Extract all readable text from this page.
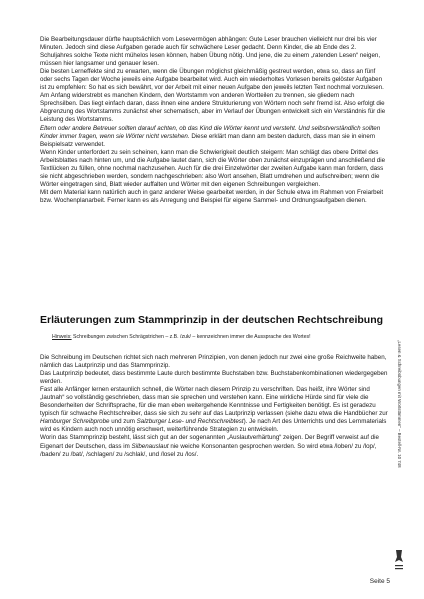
Die Bearbeitungsdauer dürfte hauptsächlich vom Lesevermögen abhängen: Gute Leser brauchen vielleicht nur drei bis vier Minuten. Jedoch sind diese Aufgaben gerade auch für schwächere Leser gedacht. Denn Kinder, die ab Ende des 2. Schuljahres solche Texte nicht mühelos lesen können, haben Übung nötig. Und jene, die zu einem „ratenden Lesen“ neigen, müssen hier langsamer und genauer lesen.

Die besten Lerneffekte sind zu erwarten, wenn die Übungen möglichst gleichmäßig gestreut werden, etwa so, dass an fünf oder sechs Tagen der Woche jeweils eine Aufgabe bearbeitet wird. Auch ein wiederholtes Vorlesen bereits gelöster Aufgaben ist zu empfehlen: So hat es sich bewährt, vor der Arbeit mit einer neuen Aufgabe den jeweils letzten Text nochmal vorzulesen.

Am Anfang widerstrebt es manchen Kindern, den Wortstamm von anderen Wortteilen zu trennen, sie gliedern nach Sprechsilben. Das liegt einfach daran, dass ihnen eine andere Strukturierung von Wörtern noch sehr fremd ist. Also erfolgt die Abgrenzung des Wortstamms zunächst eher schematisch, aber im Verlauf der Übungen entwickelt sich ein Verständnis für die Leistung des Wortstamms.

Eltern oder andere Betreuer sollten darauf achten, ob das Kind die Wörter kennt und versteht. Und selbstverständlich sollten Kinder immer fragen, wenn sie Wörter nicht verstehen. Diese erklärt man dann am besten dadurch, dass man sie in einem Beispielsatz verwendet.

Wenn Kinder unterfordert zu sein scheinen, kann man die Schwierigkeit deutlich steigern: Man schlägt das obere Drittel des Arbeitsblattes nach hinten um, und die Aufgabe lautet dann, sich die Wörter oben zunächst einzuprägen und anschließend die Textlücken zu füllen, ohne nochmal nachzusehen. Auch für die drei Einzelwörter der zweiten Aufgabe kann man fordern, dass sie nicht abgeschrieben werden, sondern nachgeschrieben: also Wort ansehen, Blatt umdrehen und aufschreiben; wenn die Wörter eingetragen sind, Blatt wieder auffalten und Wörter mit den eigenen Schreibungen vergleichen.

Mit dem Material kann natürlich auch in ganz anderer Weise gearbeitet werden, in der Schule etwa im Rahmen von Freiarbeit bzw. Wochenplanarbeit. Ferner kann es als Anregung und Beispiel für eigene Sammel- und Ordnungsaufgaben dienen.

Erläuterungen zum Stammprinzip in der deutschen Rechtschreibung
Hinweis: Schreibungen zwischen Schrägstrichen – z.B. /zuk/ – kennzeichnen immer die Aussprache des Wortes!

Die Schreibung im Deutschen richtet sich nach mehreren Prinzipien, von denen jedoch nur zwei eine große Reichweite haben, nämlich das Lautprinzip und das Stammprinzip.

Das Lautprinzip bedeutet, dass bestimmte Laute durch bestimmte Buchstaben bzw. Buchstabenkombinationen wiedergegeben werden.

Fast alle Anfänger lernen erstaunlich schnell, die Wörter nach diesem Prinzip zu verschriften. Das heißt, ihre Wörter sind „lautnah“ so vollständig geschrieben, dass man sie sprechen und verstehen kann. Eine wirkliche Hürde sind für viele die Besonderheiten der Schriftsprache, für die man eben weitergehende Kenntnisse und Fertigkeiten benötigt. Es ist geradezu typisch für schwache Rechtschreiber, dass sie sich zu sehr auf das Lautprinzip verlassen (siehe dazu etwa die Handbücher zur Hamburger Schreibprobe und zum Salzburger Lese- und Rechtschreibtest). Je nach Art des Unterrichts und des Lernmaterials wird es Kindern auch noch unnötig erschwert, weiterführende Strategien zu entwickeln.

Worin das Stammprinzip besteht, lässt sich gut an der sogenannten „Auslautverhärtung“ zeigen. Der Begriff verweist auf die Eigenart der Deutschen, dass im Silbenauslaut nie weiche Konsonanten gesprochen werden. So wird etwa /loben/ zu /lop/, /baden/ zu /bat/, /schlagen/ zu /schlak/, und /losel zu /los/.	„Lesen & Schreibübungen mit Wortstämmen“ – Bestell-Nr. 10 748
Seite 5
